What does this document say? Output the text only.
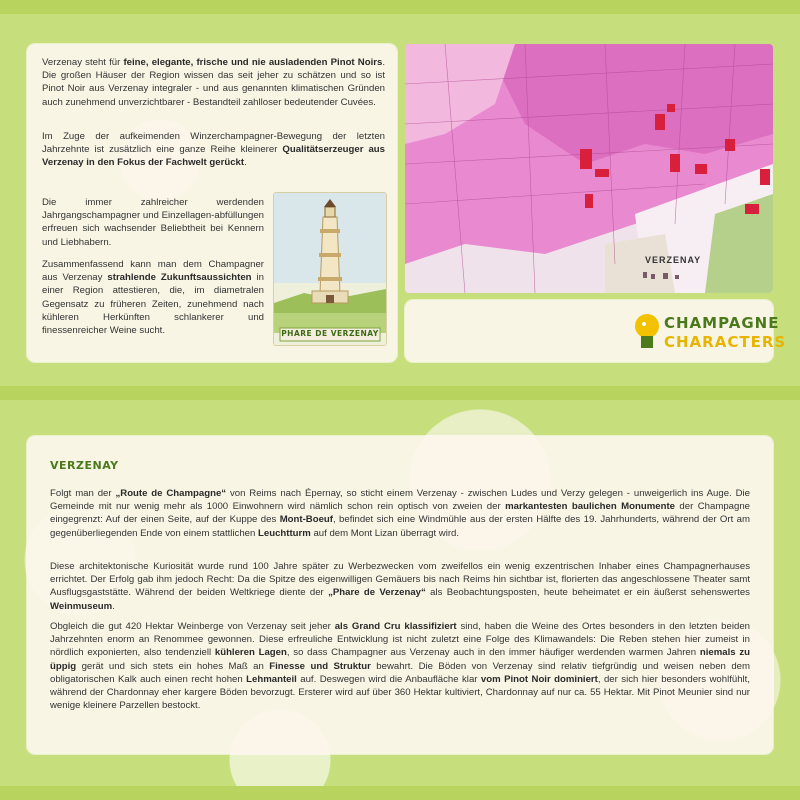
Verzenay steht für feine, elegante, frische und nie ausladenden Pinot Noirs. Die großen Häuser der Region wissen das seit jeher zu schätzen und so ist Pinot Noir aus Verzenay integraler - und aus genannten klimatischen Gründen auch zunehmend unverzichtbarer - Bestandteil zahlloser bedeutender Cuvées.

Im Zuge der aufkeimenden Winzerchampagner-Bewegung der letzten Jahrzehnte ist zusätzlich eine ganze Reihe kleinerer Qualitätserzeuger aus Verzenay in den Fokus der Fachwelt gerückt.

Die immer zahlreicher werdenden Jahrgangschampagner und Einzellagen-abfüllungen erfreuen sich wachsender Beliebtheit bei Kennern und Liebhabern.

Zusammenfassend kann man dem Champagner aus Verzenay strahlende Zukunftsaussichten in einer Region attestieren, die, im diametralen Gegensatz zu früheren Zeiten, zunehmend nach kühleren Herkünften schlankerer und finessenreicher Weine sucht.	PHARE DE VERZENAY
VERZENAY
CHAMPAGNE
CHARACTERS
VERZENAY

Folgt man der „Route de Champagne“ von Reims nach Épernay, so sticht einem Verzenay - zwischen Ludes und Verzy gelegen - unweigerlich ins Auge. Die Gemeinde mit nur wenig mehr als 1000 Einwohnern wird nämlich schon rein optisch von zweien der markantesten baulichen Monumente der Champagne eingegrenzt: Auf der einen Seite, auf der Kuppe des Mont-Boeuf, befindet sich eine Windmühle aus der ersten Hälfte des 19. Jahrhunderts, während der Ort am gegenüberliegenden Ende von einem stattlichen Leuchtturm auf dem Mont Lizan überragt wird.

Diese architektonische Kuriosität wurde rund 100 Jahre später zu Werbezwecken vom zweifellos ein wenig exzentrischen Inhaber eines Champagnerhauses errichtet. Der Erfolg gab ihm jedoch Recht: Da die Spitze des eigenwilligen Gemäuers bis nach Reims hin sichtbar ist, florierten das angeschlossene Theater samt Ausflugsgaststätte. Während der beiden Weltkriege diente der „Phare de Verzenay“ als Beobachtungsposten, heute beheimatet er ein äußerst sehenswertes Weinmuseum.

Obgleich die gut 420 Hektar Weinberge von Verzenay seit jeher als Grand Cru klassifiziert sind, haben die Weine des Ortes besonders in den letzten beiden Jahrzehnten enorm an Renommee gewonnen. Diese erfreuliche Entwicklung ist nicht zuletzt eine Folge des Klimawandels: Die Reben stehen hier zumeist in nördlich exponierten, also tendenziell kühleren Lagen, so dass Champagner aus Verzenay auch in den immer häufiger werdenden warmen Jahren niemals zu üppig gerät und sich stets ein hohes Maß an Finesse und Struktur bewahrt. Die Böden von Verzenay sind relativ tiefgründig und weisen neben dem obligatorischen Kalk auch einen recht hohen Lehmanteil auf. Deswegen wird die Anbaufläche klar vom Pinot Noir dominiert, der sich hier besonders wohlfühlt, während der Chardonnay eher kargere Böden bevorzugt. Ersterer wird auf über 360 Hektar kultiviert, Chardonnay auf nur ca. 55 Hektar. Mit Pinot Meunier sind nur wenige kleinere Parzellen bestockt.
